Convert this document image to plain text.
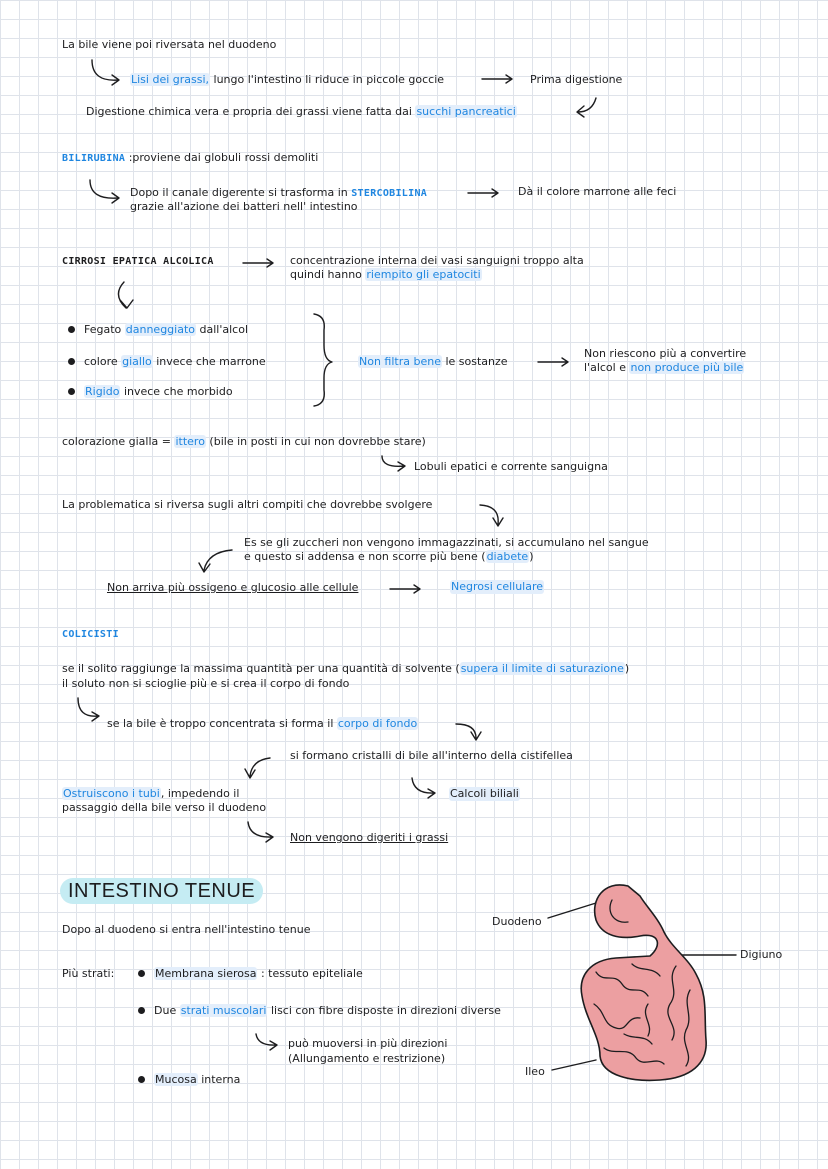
La bile viene poi riversata nel duodeno
Lisi dei grassi, lungo l'intestino li riduce in piccole goccie	Prima digestione
Digestione chimica vera e propria dei grassi viene fatta dai succhi pancreatici
BILIRUBINA :proviene dai globuli rossi demoliti
Dopo il canale digerente si trasforma in STERCOBILINA
grazie all'azione dei batteri nell' intestino
Dà il colore marrone alle feci
CIRROSI EPATICA ALCOLICA	concentrazione interna dei vasi sanguigni troppo alta
quindi hanno riempito gli epatociti
Fegato danneggiato dall'alcol
colore giallo invece che marrone
Rigido invece che morbido
Non filtra bene le sostanze
Non riescono più a convertire
l'alcol e non produce più bile
colorazione gialla = ittero (bile in posti in cui non dovrebbe stare)
Lobuli epatici e corrente sanguigna
La problematica si riversa sugli altri compiti che dovrebbe svolgere
Es se gli zuccheri non vengono immagazzinati, si accumulano nel sangue
e questo si addensa e non scorre più bene (diabete)
Non arriva più ossigeno e glucosio alle cellule	Negrosi cellulare
COLICISTI
se il solito raggiunge la massima quantità per una quantità di solvente (supera il limite di saturazione)
il soluto non si scioglie più e si crea il corpo di fondo
se la bile è troppo concentrata si forma il corpo di fondo
si formano cristalli di bile all'interno della cistifellea
Ostruiscono i tubi, impedendo il
passaggio della bile verso il duodeno
Calcoli biliali
Non vengono digeriti i grassi
INTESTINO TENUE
Dopo al duodeno si entra nell'intestino tenue
Più strati:	Membrana sierosa : tessuto epiteliale
Due strati muscolari lisci con fibre disposte in direzioni diverse
può muoversi in più direzioni
(Allungamento e restrizione)
Mucosa interna
Duodeno
Digiuno
Ileo
